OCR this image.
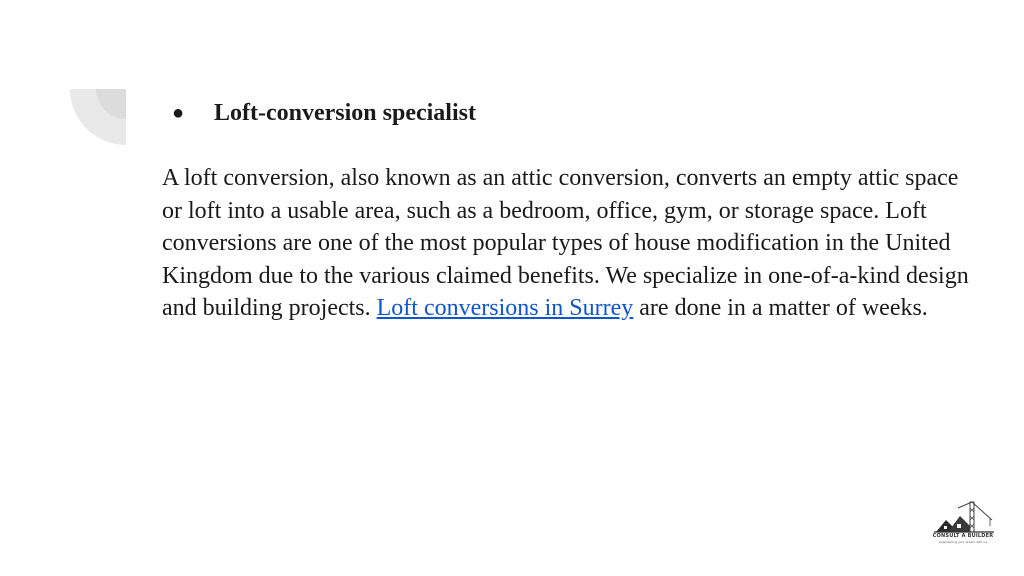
●	Loft-conversion specialist

A loft conversion, also known as an attic conversion, converts an empty attic space or loft into a usable area, such as a bedroom, office, gym, or storage space. Loft conversions are one of the most popular types of house modification in the United Kingdom due to the various claimed benefits. We specialize in one-of-a-kind design and building projects. Loft conversions in Surrey are done in a matter of weeks.

CONSULT A BUILDER
engineering your dream with us
